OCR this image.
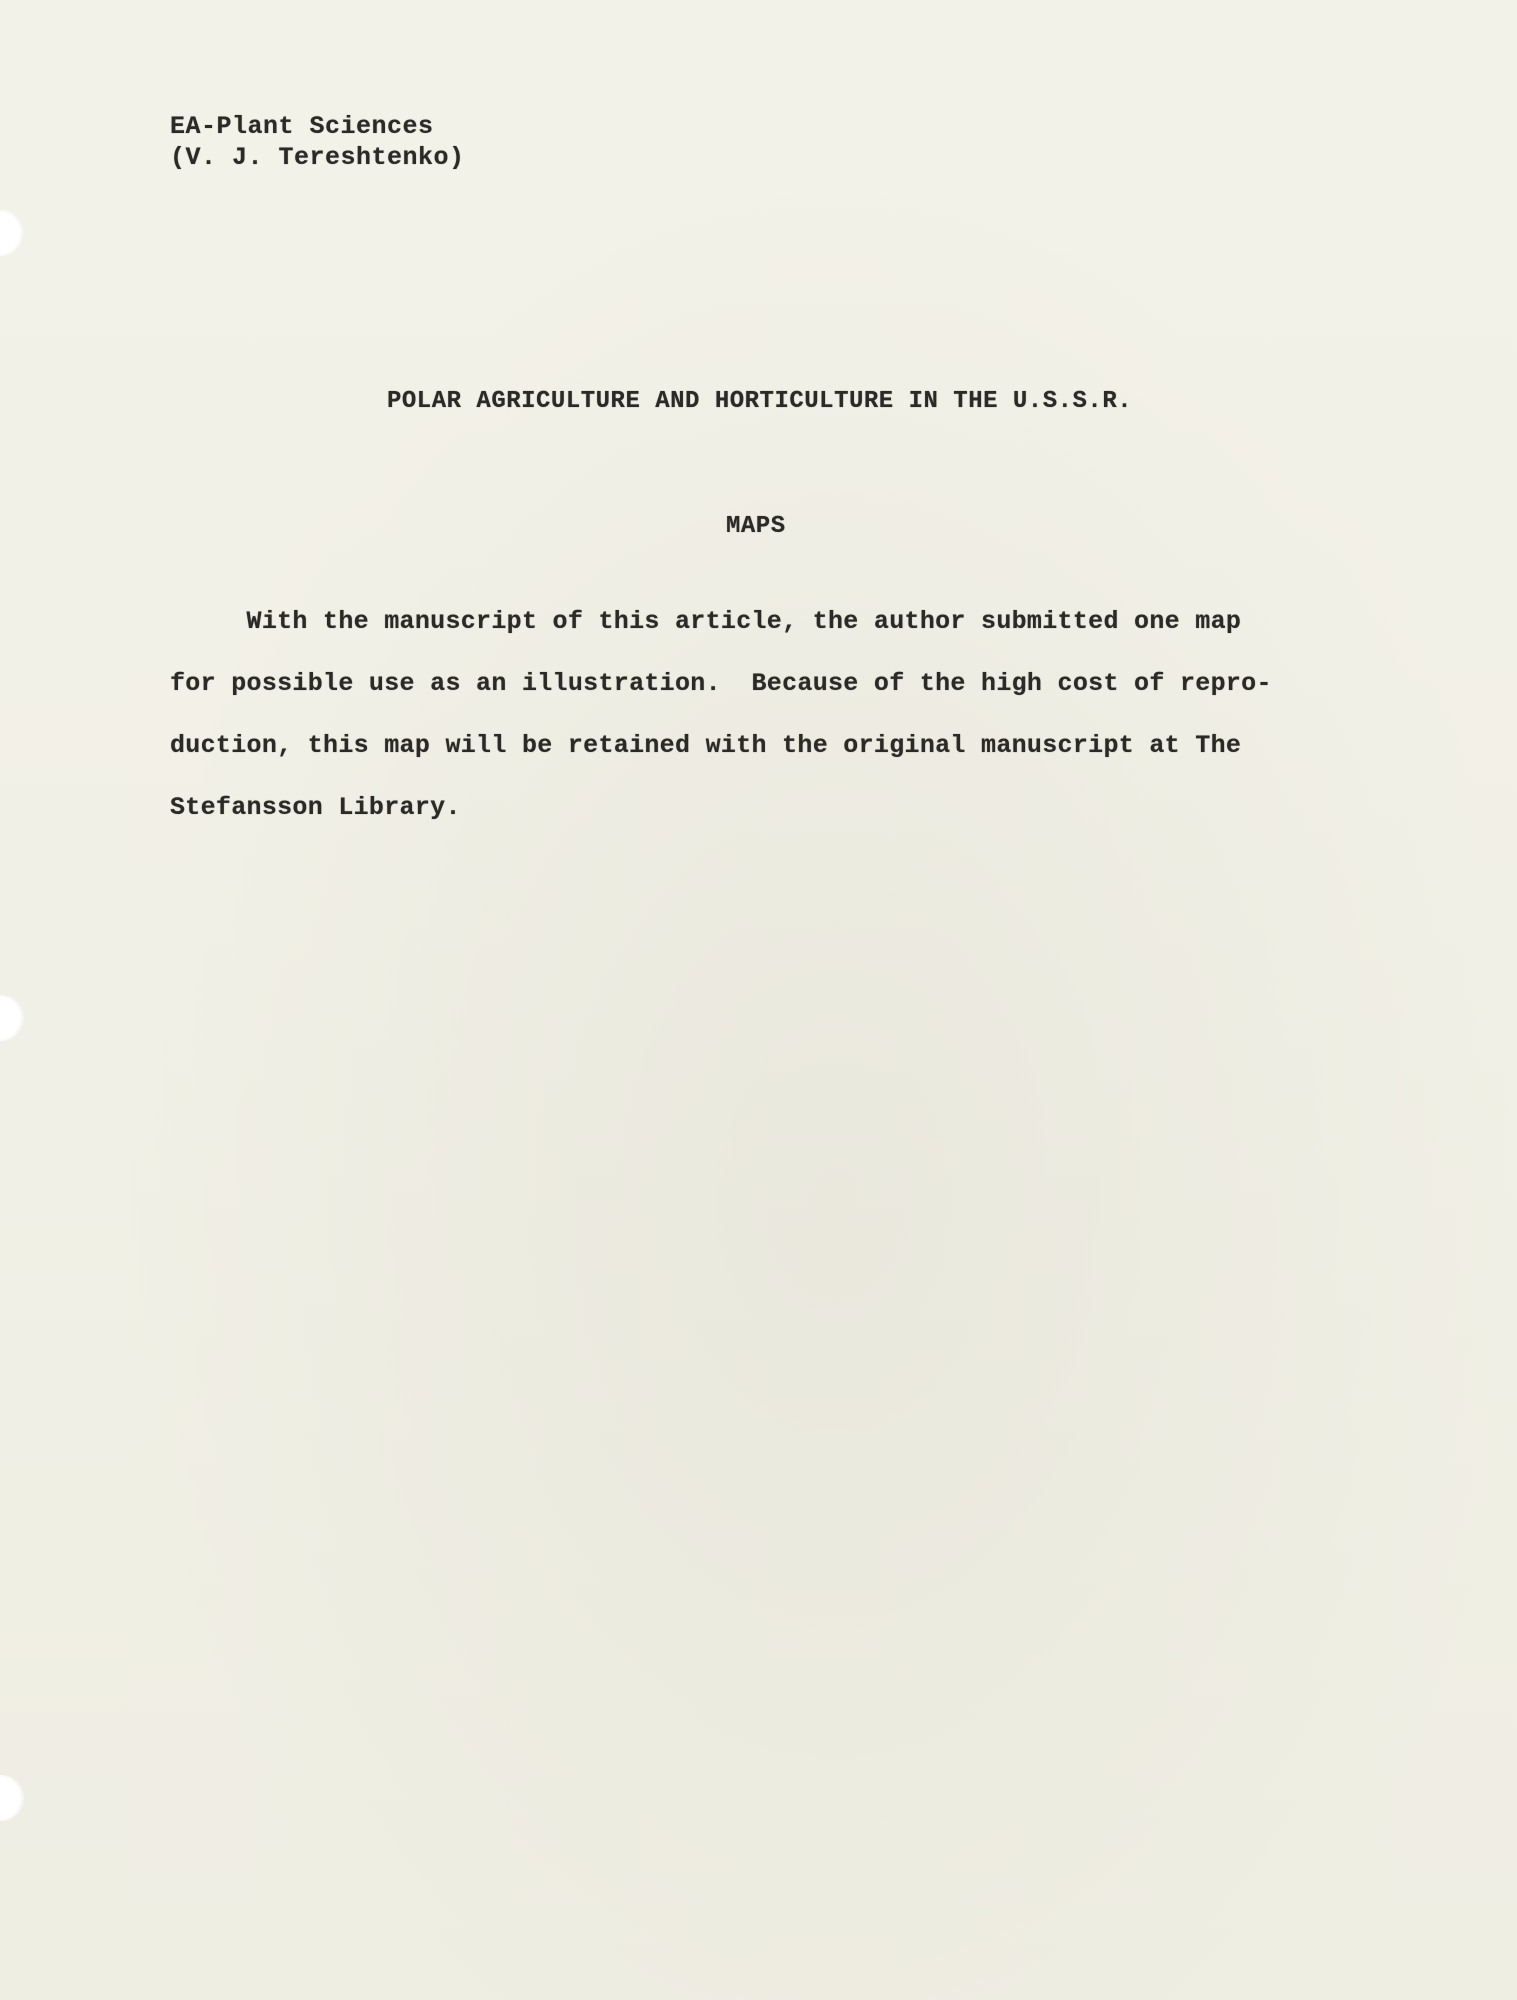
EA-Plant Sciences
(V. J. Tereshtenko)
POLAR AGRICULTURE AND HORTICULTURE IN THE U.S.S.R.
MAPS
With the manuscript of this article, the author submitted one map
for possible use as an illustration.  Because of the high cost of repro-
duction, this map will be retained with the original manuscript at The
Stefansson Library.
